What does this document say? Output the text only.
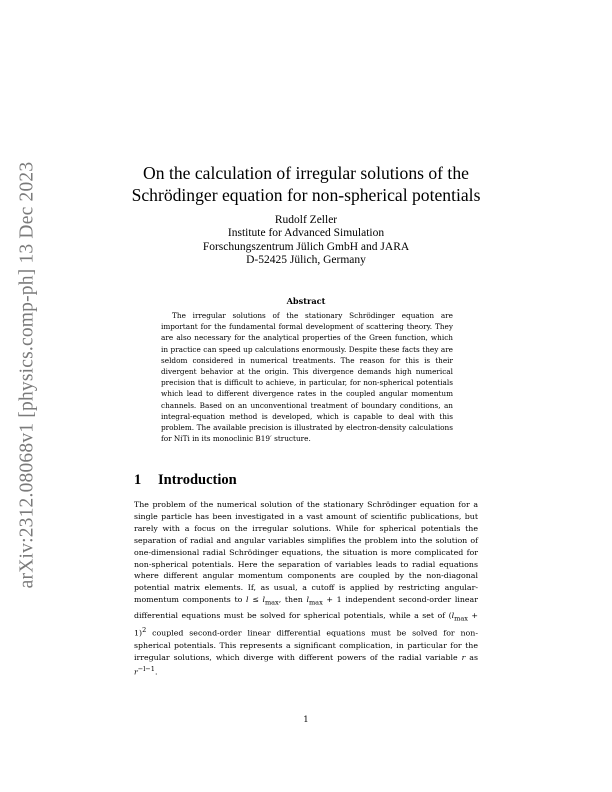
arXiv:2312.08068v1 [physics.comp-ph] 13 Dec 2023	On the calculation of irregular solutions of the
Schrödinger equation for non-spherical potentials
Rudolf Zeller
Institute for Advanced Simulation
Forschungszentrum Jülich GmbH and JARA
D-52425 Jülich, Germany
Abstract

The irregular solutions of the stationary Schrödinger equation are important for the fundamental formal development of scattering theory. They are also necessary for the analytical properties of the Green function, which in practice can speed up calculations enormously. Despite these facts they are seldom considered in numerical treatments. The reason for this is their divergent behavior at the origin. This divergence demands high numerical precision that is difficult to achieve, in particular, for non-spherical potentials which lead to different divergence rates in the coupled angular momentum channels. Based on an unconventional treatment of boundary conditions, an integral-equation method is developed, which is capable to deal with this problem. The available precision is illustrated by electron-density calculations for NiTi in its monoclinic B19′ structure.

1 Introduction

The problem of the numerical solution of the stationary Schrödinger equation for a single particle has been investigated in a vast amount of scientific publications, but rarely with a focus on the irregular solutions. While for spherical potentials the separation of radial and angular variables simplifies the problem into the solution of one-dimensional radial Schrödinger equations, the situation is more complicated for non-spherical potentials. Here the separation of variables leads to radial equations where different angular momentum components are coupled by the non-diagonal potential matrix elements. If, as usual, a cutoff is applied by restricting angular-momentum components to $l \le l_{max}$, then $l_{max} + 1$ independent second-order linear differential equations must be solved for spherical potentials, while a set of $(l_{max} + 1)^2$ coupled second-order linear differential equations must be solved for non-spherical potentials. This represents a significant complication, in particular for the irregular solutions, which diverge with different powers of the radial variable r as $r^{-l-1}$.

1
